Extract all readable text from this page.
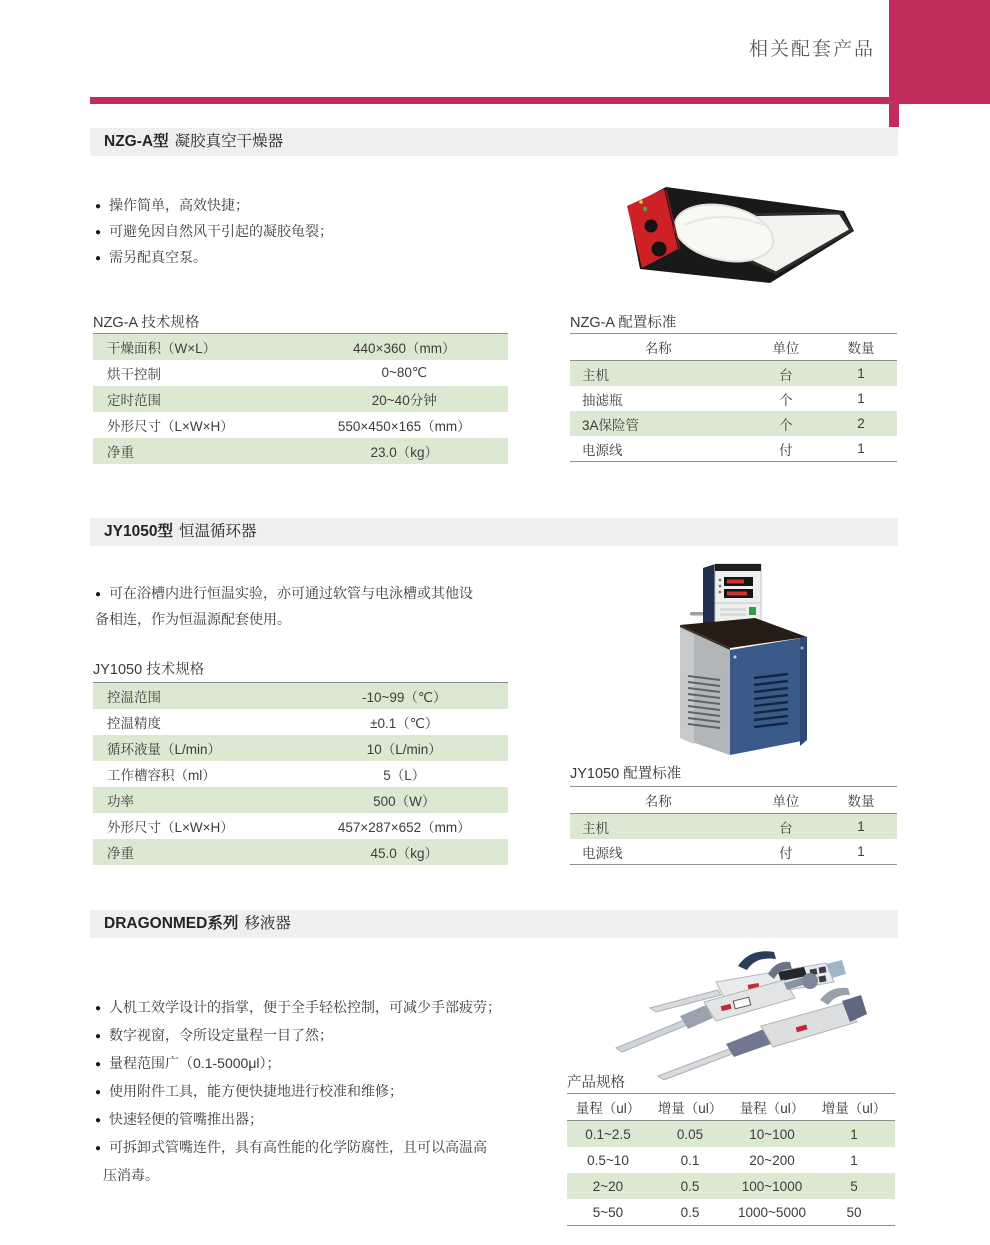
相关配套产品
NZG-A型 凝胶真空干燥器
● 操作简单，高效快捷；
● 可避免因自然风干引起的凝胶龟裂；
● 需另配真空泵。
NZG-A 技术规格
干燥面积（W×L）	440×360（mm）
烘干控制	0~80℃
定时范围	20~40分钟
外形尺寸（L×W×H）	550×450×165（mm）
净重	23.0（kg）
NZG-A 配置标准
名称	单位	数量
主机	台	1
抽滤瓶	个	1
3A保险管	个	2
电源线	付	1
JY1050型 恒温循环器
● 可在浴槽内进行恒温实验，亦可通过软管与电泳槽或其他设
备相连，作为恒温源配套使用。
JY1050 技术规格
控温范围	-10~99（℃）
控温精度	±0.1（℃）
循环液量（L/min）	10（L/min）
工作槽容积（ml）	5（L）
功率	500（W）
外形尺寸（L×W×H）	457×287×652（mm）
净重	45.0（kg）
JY1050 配置标准
名称	单位	数量
主机	台	1
电源线	付	1
DRAGONMED系列 移液器
● 人机工效学设计的指掌，便于全手轻松控制，可减少手部疲劳；
● 数字视窗，令所设定量程一目了然；
● 量程范围广（0.1-5000μl）；
● 使用附件工具，能方便快捷地进行校准和维修；
● 快速轻便的管嘴推出器；
● 可拆卸式管嘴连件，具有高性能的化学防腐性，且可以高温高
压消毒。
产品规格
量程（ul）	增量（ul）	量程（ul）	增量（ul）
0.1~2.5	0.05	10~100	1
0.5~10	0.1	20~200	1
2~20	0.5	100~1000	5
5~50	0.5	1000~5000	50
